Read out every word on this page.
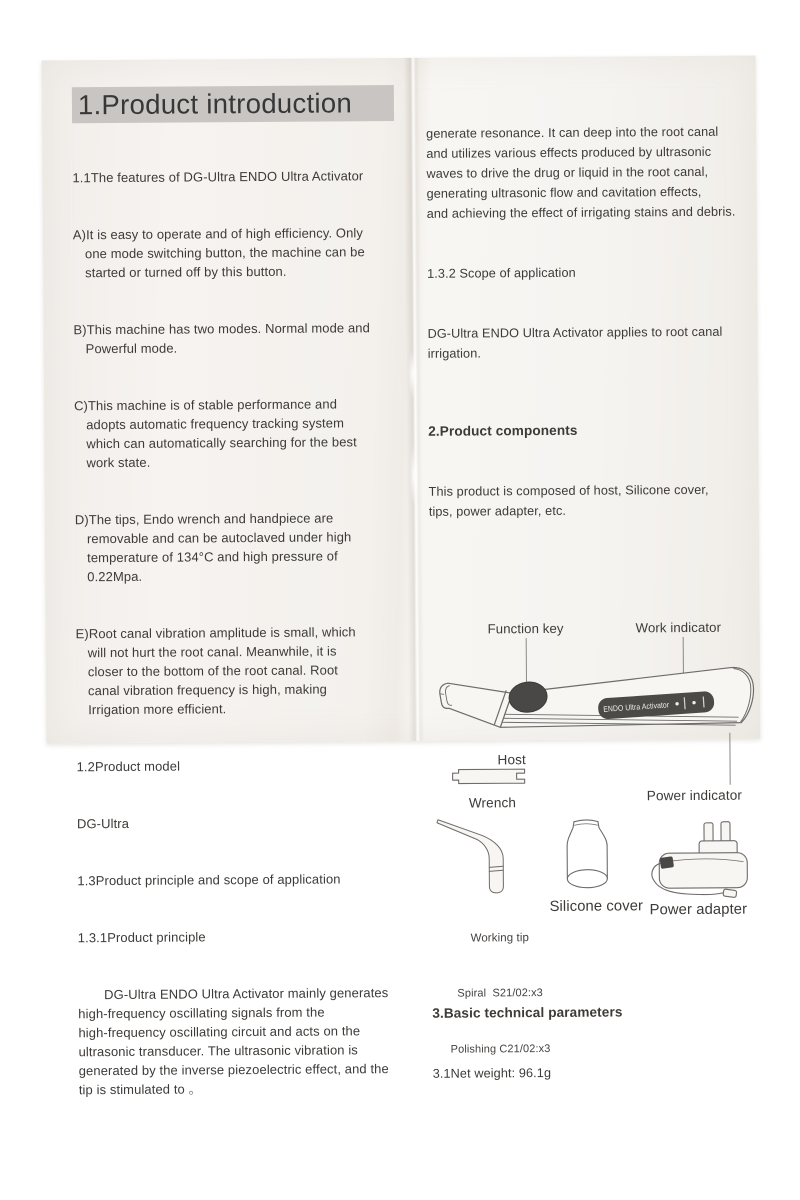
1.Product introduction

1.1The features of DG-Ultra ENDO Ultra Activator

A)It is easy to operate and of high efficiency. Only
one mode switching button, the machine can be
started or turned off by this button.

B)This machine has two modes. Normal mode and
Powerful mode.

C)This machine is of stable performance and
adopts automatic frequency tracking system
which can automatically searching for the best
work state.

D)The tips, Endo wrench and handpiece are
removable and can be autoclaved under high
temperature of 134°C and high pressure of
0.22Mpa.

E)Root canal vibration amplitude is small, which
will not hurt the root canal. Meanwhile, it is
closer to the bottom of the root canal. Root
canal vibration frequency is high, making
Irrigation more efficient.

1.2Product model

DG-Ultra

1.3Product principle and scope of application

1.3.1Product principle

DG-Ultra ENDO Ultra Activator mainly generates
high-frequency oscillating signals from the
high-frequency oscillating circuit and acts on the
ultrasonic transducer. The ultrasonic vibration is
generated by the inverse piezoelectric effect, and the
tip is stimulated to 。

generate resonance. It can deep into the root canal
and utilizes various effects produced by ultrasonic
waves to drive the drug or liquid in the root canal,
generating ultrasonic flow and cavitation effects,
and achieving the effect of irrigating stains and debris.

1.3.2 Scope of application

DG-Ultra ENDO Ultra Activator applies to root canal
irrigation.

2.Product components

This product is composed of host, Silicone cover,
tips, power adapter, etc.

Function key

	Work indicator

ENDO Ultra Activator

Host

Power indicator

Wrench

Working tip

Spiral  S21/02:x3

Polishing C21/02:x3

Silicone cover

Power adapter

3.Basic technical parameters

3.1Net weight: 96.1g
